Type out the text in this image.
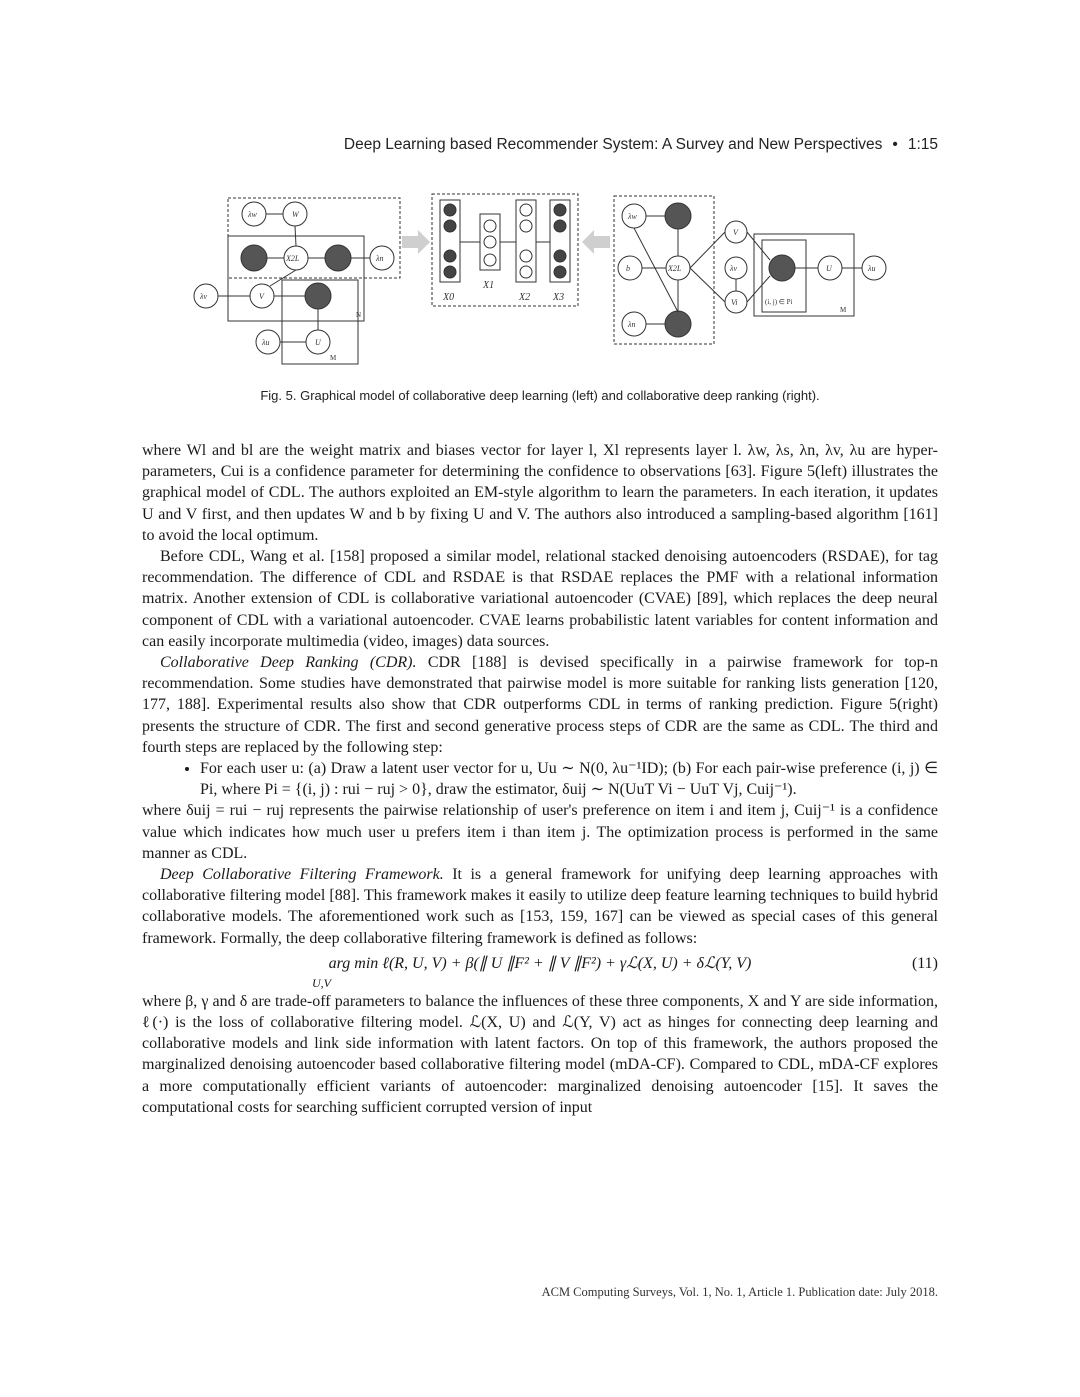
Deep Learning based Recommender System: A Survey and New Perspectives • 1:15
λw	W
X2L	λn
λv	V
λu	U
N
M
X0
X1
X2 X3
λw
b	X2L
λn
V
λv
Vi
U	λu
(i, j) ∈ Pi
M
Fig. 5. Graphical model of collaborative deep learning (left) and collaborative deep ranking (right).

where Wl and bl are the weight matrix and biases vector for layer l, Xl represents layer l. λw, λs, λn, λv, λu are hyper-parameters, Cui is a confidence parameter for determining the confidence to observations [63]. Figure 5(left) illustrates the graphical model of CDL. The authors exploited an EM-style algorithm to learn the parameters. In each iteration, it updates U and V first, and then updates W and b by fixing U and V. The authors also introduced a sampling-based algorithm [161] to avoid the local optimum.

Before CDL, Wang et al. [158] proposed a similar model, relational stacked denoising autoencoders (RSDAE), for tag recommendation. The difference of CDL and RSDAE is that RSDAE replaces the PMF with a relational information matrix. Another extension of CDL is collaborative variational autoencoder (CVAE) [89], which replaces the deep neural component of CDL with a variational autoencoder. CVAE learns probabilistic latent variables for content information and can easily incorporate multimedia (video, images) data sources.

Collaborative Deep Ranking (CDR). CDR [188] is devised specifically in a pairwise framework for top-n recommendation. Some studies have demonstrated that pairwise model is more suitable for ranking lists generation [120, 177, 188]. Experimental results also show that CDR outperforms CDL in terms of ranking prediction. Figure 5(right) presents the structure of CDR. The first and second generative process steps of CDR are the same as CDL. The third and fourth steps are replaced by the following step:

• For each user u: (a) Draw a latent user vector for u, Uu ∼ N(0, λu⁻¹ID); (b) For each pair-wise preference (i, j) ∈ Pi, where Pi = {(i, j) : rui − ruj > 0}, draw the estimator, δuij ∼ N(UuT Vi − UuT Vj, Cuij⁻¹).

where δuij = rui − ruj represents the pairwise relationship of user's preference on item i and item j, Cuij⁻¹ is a confidence value which indicates how much user u prefers item i than item j. The optimization process is performed in the same manner as CDL.

Deep Collaborative Filtering Framework. It is a general framework for unifying deep learning approaches with collaborative filtering model [88]. This framework makes it easily to utilize deep feature learning techniques to build hybrid collaborative models. The aforementioned work such as [153, 159, 167] can be viewed as special cases of this general framework. Formally, the deep collaborative filtering framework is defined as follows:

arg min ℓ(R, U, V) + β(∥ U ∥F² + ∥ V ∥F²) + γℒ(X, U) + δℒ(Y, V)
U,V
(11)

where β, γ and δ are trade-off parameters to balance the influences of these three components, X and Y are side information, ℓ(·) is the loss of collaborative filtering model. ℒ(X, U) and ℒ(Y, V) act as hinges for connecting deep learning and collaborative models and link side information with latent factors. On top of this framework, the authors proposed the marginalized denoising autoencoder based collaborative filtering model (mDA-CF). Compared to CDL, mDA-CF explores a more computationally efficient variants of autoencoder: marginalized denoising autoencoder [15]. It saves the computational costs for searching sufficient corrupted version of input

ACM Computing Surveys, Vol. 1, No. 1, Article 1. Publication date: July 2018.
